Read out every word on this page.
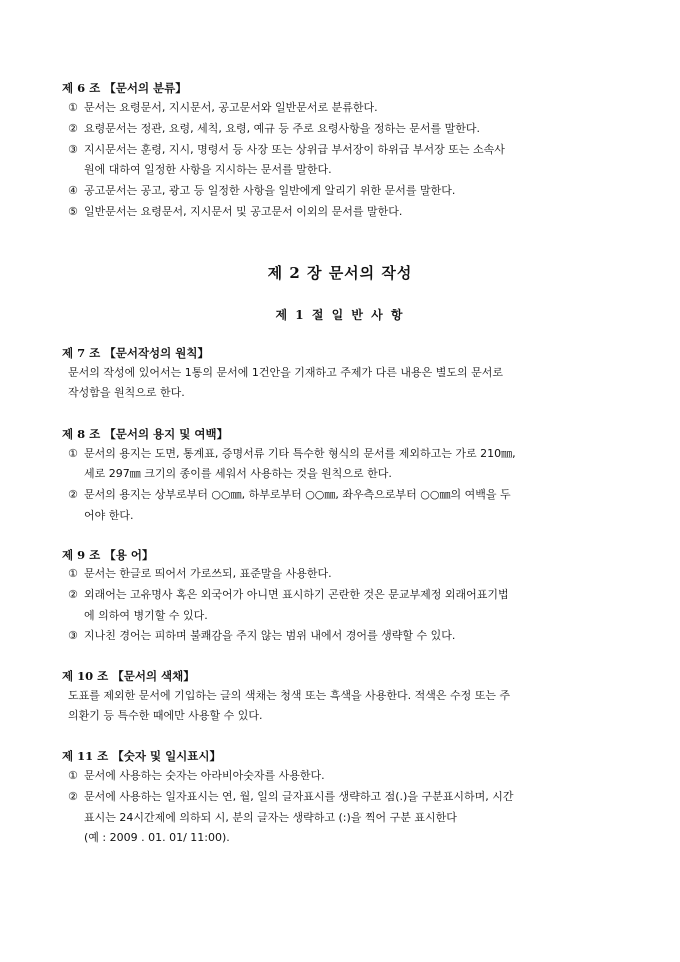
제 6 조 【문서의 분류】
① 문서는 요령문서, 지시문서, 공고문서와 일반문서로 분류한다.
② 요령문서는 정관, 요령, 세칙, 요령, 예규 등 주로 요령사항을 정하는 문서를 말한다.
③ 지시문서는 훈령, 지시, 명령서 등 사장 또는 상위급 부서장이 하위급 부서장 또는 소속사
원에 대하여 일정한 사항을 지시하는 문서를 말한다.
④ 공고문서는 공고, 광고 등 일정한 사항을 일반에게 알리기 위한 문서를 말한다.
⑤ 일반문서는 요령문서, 지시문서 및 공고문서 이외의 문서를 말한다.
제 2 장 문서의 작성
제 1 절 일 반 사 항
제 7 조 【문서작성의 원칙】
문서의 작성에 있어서는 1통의 문서에 1건안을 기재하고 주제가 다른 내용은 별도의 문서로
작성함을 원칙으로 한다.
제 8 조 【문서의 용지 및 여백】
① 문서의 용지는 도면, 통계표, 증명서류 기타 특수한 형식의 문서를 제외하고는 가로 210㎜,
세로 297㎜ 크기의 종이를 세워서 사용하는 것을 원칙으로 한다.
② 문서의 용지는 상부로부터 ○○㎜, 하부로부터 ○○㎜, 좌우측으로부터 ○○㎜의 여백을 두
어야 한다.
제 9 조 【용 어】
① 문서는 한글로 띄어서 가로쓰되, 표준말을 사용한다.
② 외래어는 고유명사 혹은 외국어가 아니면 표시하기 곤란한 것은 문교부제정 외래어표기법
에 의하여 병기할 수 있다.
③ 지나친 경어는 피하며 불쾌감을 주지 않는 범위 내에서 경어를 생략할 수 있다.
제 10 조 【문서의 색채】
도표를 제외한 문서에 기입하는 글의 색채는 청색 또는 흑색을 사용한다. 적색은 수정 또는 주
의환기 등 특수한 때에만 사용할 수 있다.
제 11 조 【숫자 및 일시표시】
① 문서에 사용하는 숫자는 아라비아숫자를 사용한다.
② 문서에 사용하는 일자표시는 연, 월, 일의 글자표시를 생략하고 점(.)을 구분표시하며, 시간
표시는 24시간제에 의하되 시, 분의 글자는 생략하고 (:)을 찍어 구분 표시한다
(예 : 2009 . 01. 01/ 11:00).
